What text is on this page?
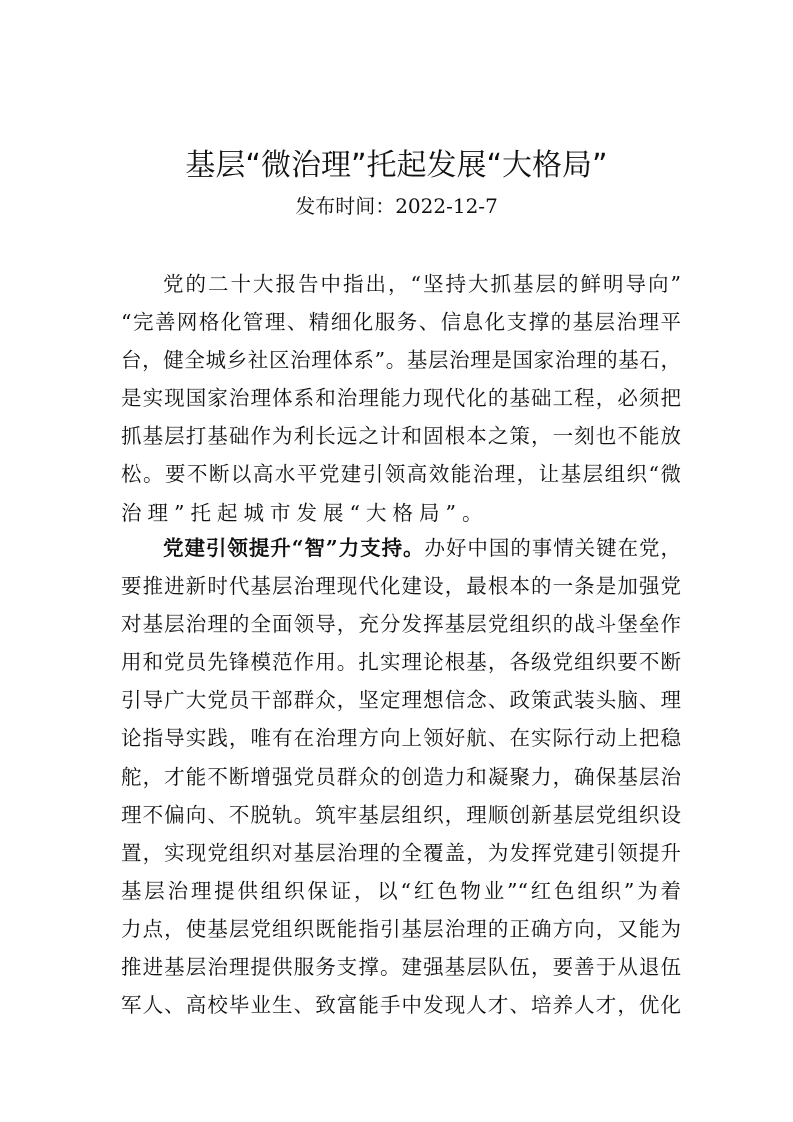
基层“微治理”托起发展“大格局”
发布时间：2022-12-7
党的二十大报告中指出，“坚持大抓基层的鲜明导向”
“完善网格化管理、精细化服务、信息化支撑的基层治理平
台，健全城乡社区治理体系”。基层治理是国家治理的基石，
是实现国家治理体系和治理能力现代化的基础工程，必须把
抓基层打基础作为利长远之计和固根本之策，一刻也不能放
松。要不断以高水平党建引领高效能治理，让基层组织“微
治理”托起城市发展“大格局”。
党建引领提升“智”力支持。办好中国的事情关键在党，
要推进新时代基层治理现代化建设，最根本的一条是加强党
对基层治理的全面领导，充分发挥基层党组织的战斗堡垒作
用和党员先锋模范作用。扎实理论根基，各级党组织要不断
引导广大党员干部群众，坚定理想信念、政策武装头脑、理
论指导实践，唯有在治理方向上领好航、在实际行动上把稳
舵，才能不断增强党员群众的创造力和凝聚力，确保基层治
理不偏向、不脱轨。筑牢基层组织，理顺创新基层党组织设
置，实现党组织对基层治理的全覆盖，为发挥党建引领提升
基层治理提供组织保证，以“红色物业”“红色组织”为着
力点，使基层党组织既能指引基层治理的正确方向，又能为
推进基层治理提供服务支撑。建强基层队伍，要善于从退伍
军人、高校毕业生、致富能手中发现人才、培养人才，优化
